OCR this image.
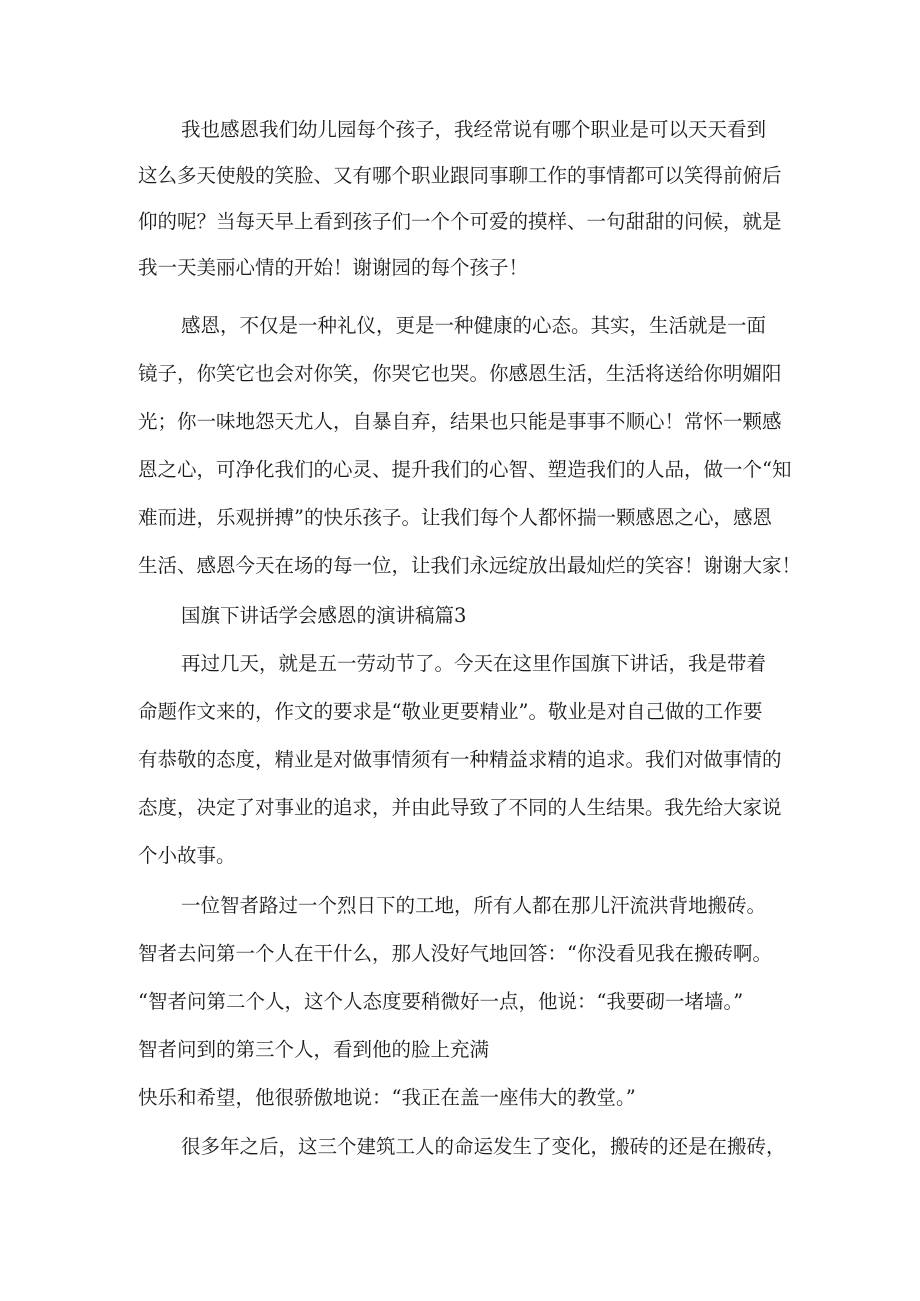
我也感恩我们幼儿园每个孩子，我经常说有哪个职业是可以天天看到

这么多天使般的笑脸、又有哪个职业跟同事聊工作的事情都可以笑得前俯后

仰的呢？当每天早上看到孩子们一个个可爱的摸样、一句甜甜的问候，就是

我一天美丽心情的开始！谢谢园的每个孩子！

感恩，不仅是一种礼仪，更是一种健康的心态。其实，生活就是一面

镜子，你笑它也会对你笑，你哭它也哭。你感恩生活，生活将送给你明媚阳

光；你一味地怨天尤人，自暴自弃，结果也只能是事事不顺心！常怀一颗感

恩之心，可净化我们的心灵、提升我们的心智、塑造我们的人品，做一个“知

难而进，乐观拼搏”的快乐孩子。让我们每个人都怀揣一颗感恩之心，感恩

生活、感恩今天在场的每一位，让我们永远绽放出最灿烂的笑容！谢谢大家！

国旗下讲话学会感恩的演讲稿篇3

再过几天，就是五一劳动节了。今天在这里作国旗下讲话，我是带着

命题作文来的，作文的要求是“敬业更要精业”。敬业是对自己做的工作要

有恭敬的态度，精业是对做事情须有一种精益求精的追求。我们对做事情的

态度，决定了对事业的追求，并由此导致了不同的人生结果。我先给大家说

个小故事。

一位智者路过一个烈日下的工地，所有人都在那儿汗流洪背地搬砖。

智者去问第一个人在干什么，那人没好气地回答：“你没看见我在搬砖啊。

“智者问第二个人，这个人态度要稍微好一点，他说：“我要砌一堵墙。”

智者问到的第三个人，看到他的脸上充满

快乐和希望，他很骄傲地说：“我正在盖一座伟大的教堂。”

很多年之后，这三个建筑工人的命运发生了变化，搬砖的还是在搬砖，
